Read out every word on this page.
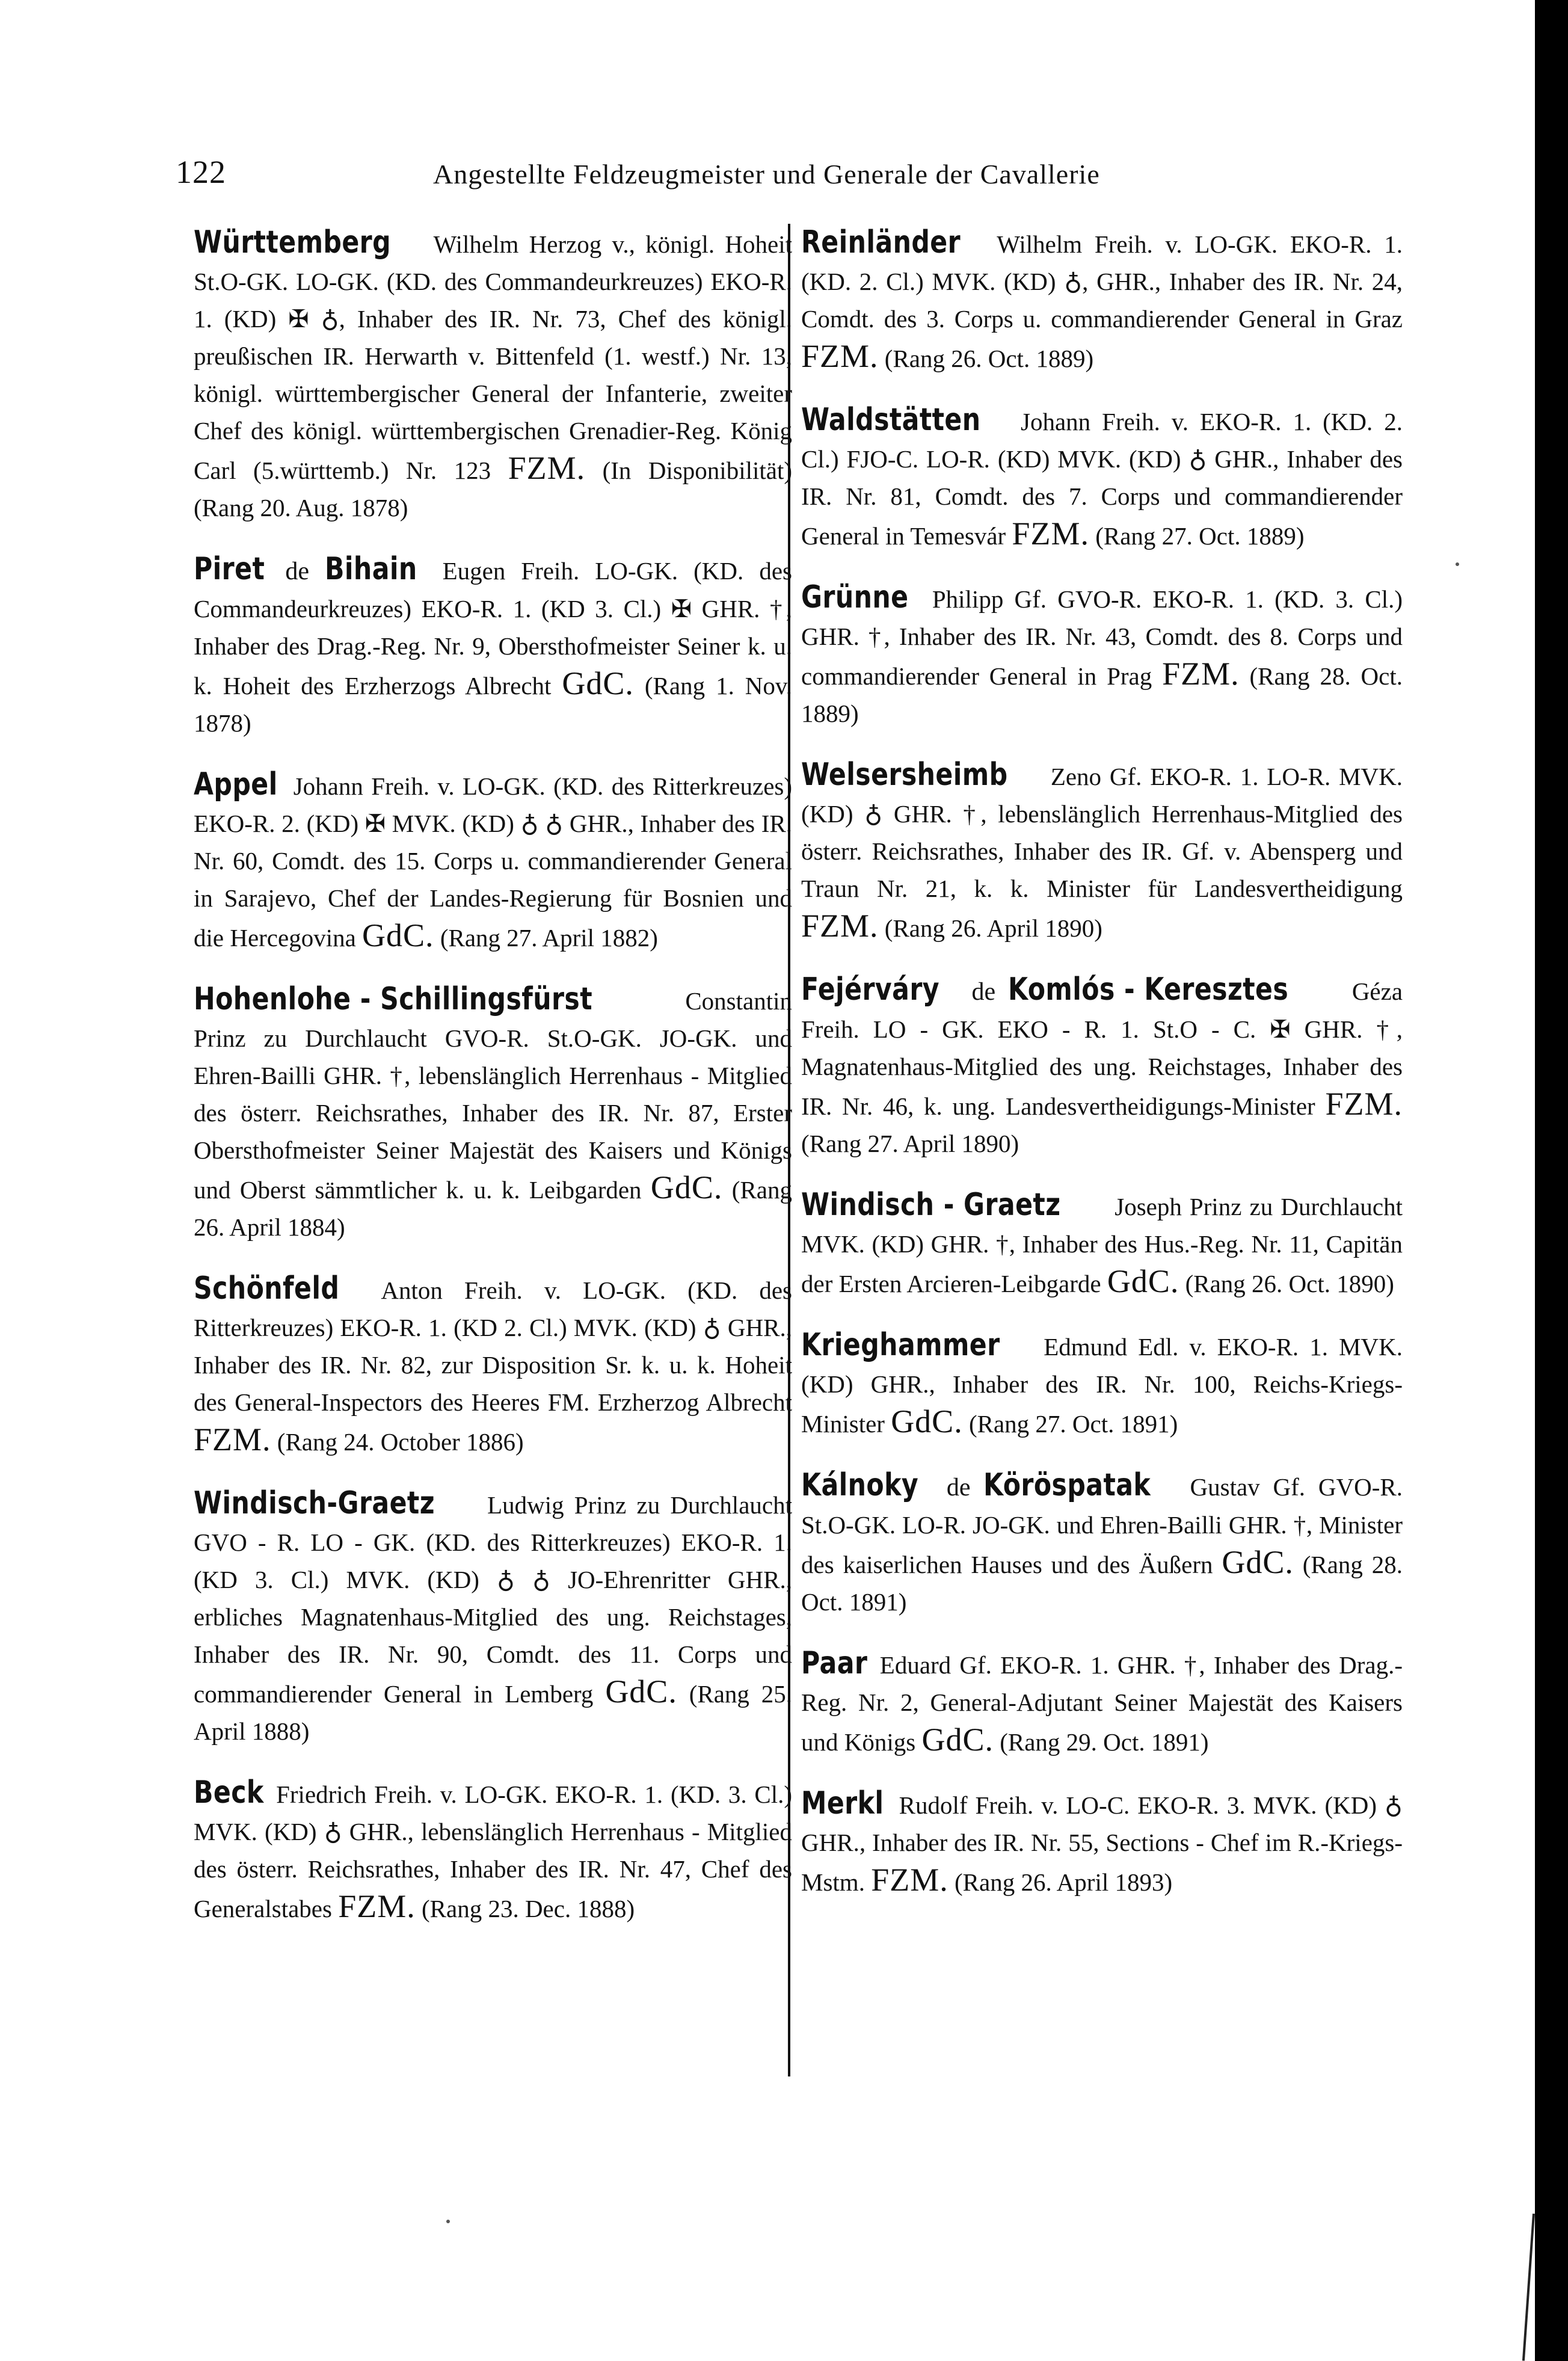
122	Angestellte Feldzeugmeister und Generale der Cavallerie

Württemberg Wilhelm Herzog v., königl. Hoheit St.O-GK. LO-GK. (KD. des Commandeurkreuzes) EKO-R. 1. (KD) ✠ ♁, Inhaber des IR. Nr. 73, Chef des königl. preußischen IR. Herwarth v. Bittenfeld (1. westf.) Nr. 13, königl. württembergischer General der Infanterie, zweiter Chef des königl. württembergischen Grenadier-Reg. König Carl (5.württemb.) Nr. 123 FZM. (In Disponibilität) (Rang 20. Aug. 1878)

Piret de Bihain Eugen Freih. LO-GK. (KD. des Commandeurkreuzes) EKO-R. 1. (KD 3. Cl.) ✠ GHR. †, Inhaber des Drag.-Reg. Nr. 9, Obersthofmeister Seiner k. u. k. Hoheit des Erzherzogs Albrecht GdC. (Rang 1. Nov. 1878)

Appel Johann Freih. v. LO-GK. (KD. des Ritterkreuzes) EKO-R. 2. (KD) ✠ MVK. (KD) ♁ ♁ GHR., Inhaber des IR. Nr. 60, Comdt. des 15. Corps u. commandierender General in Sarajevo, Chef der Landes-Regierung für Bosnien und die Hercegovina GdC. (Rang 27. April 1882)

Hohenlohe - Schillingsfürst	Constantin Prinz zu Durchlaucht GVO-R. St.O-GK. JO-GK. und Ehren-Bailli GHR. †, lebenslänglich Herrenhaus - Mitglied des österr. Reichsrathes, Inhaber des IR. Nr. 87, Erster Obersthofmeister Seiner Majestät des Kaisers und Königs und Oberst sämmtlicher k. u. k. Leibgarden GdC. (Rang 26. April 1884)

Schönfeld Anton Freih. v. LO-GK. (KD. des Ritterkreuzes) EKO-R. 1. (KD 2. Cl.) MVK. (KD) ♁ GHR., Inhaber des IR. Nr. 82, zur Disposition Sr. k. u. k. Hoheit des General-Inspectors des Heeres FM. Erzherzog Albrecht FZM. (Rang 24. October 1886)

Windisch-Graetz Ludwig Prinz zu Durchlaucht GVO - R. LO - GK. (KD. des Ritterkreuzes) EKO-R. 1. (KD 3. Cl.) MVK. (KD) ♁ ♁ JO-Ehrenritter GHR., erbliches Magnatenhaus-Mitglied des ung. Reichstages, Inhaber des IR. Nr. 90, Comdt. des 11. Corps und commandierender General in Lemberg GdC. (Rang 25. April 1888)

Beck Friedrich Freih. v. LO-GK. EKO-R. 1. (KD. 3. Cl.) MVK. (KD) ♁ GHR., lebenslänglich Herrenhaus - Mitglied des österr. Reichsrathes, Inhaber des IR. Nr. 47, Chef des Generalstabes FZM. (Rang 23. Dec. 1888)

Reinländer Wilhelm Freih. v. LO-GK. EKO-R. 1. (KD. 2. Cl.) MVK. (KD) ♁, GHR., Inhaber des IR. Nr. 24, Comdt. des 3. Corps u. commandierender General in Graz FZM. (Rang 26. Oct. 1889)

Waldstätten Johann Freih. v. EKO-R. 1. (KD. 2. Cl.) FJO-C. LO-R. (KD) MVK. (KD) ♁ GHR., Inhaber des IR. Nr. 81, Comdt. des 7. Corps und commandierender General in Temesvár FZM. (Rang 27. Oct. 1889)

Grünne Philipp Gf. GVO-R. EKO-R. 1. (KD. 3. Cl.) GHR. †, Inhaber des IR. Nr. 43, Comdt. des 8. Corps und commandierender General in Prag FZM. (Rang 28. Oct. 1889)

Welsersheimb Zeno Gf. EKO-R. 1. LO-R. MVK. (KD) ♁ GHR. †, lebenslänglich Herrenhaus-Mitglied des österr. Reichsrathes, Inhaber des IR. Gf. v. Abensperg und Traun Nr. 21, k. k. Minister für Landesvertheidigung FZM. (Rang 26. April 1890)

Fejérváry de Komlós - Keresztes	Géza Freih. LO - GK. EKO - R. 1. St.O - C. ✠ GHR. †, Magnatenhaus-Mitglied des ung. Reichstages, Inhaber des IR. Nr. 46, k. ung. Landesvertheidigungs-Minister FZM. (Rang 27. April 1890)

Windisch - Graetz Joseph Prinz zu Durchlaucht MVK. (KD) GHR. †, Inhaber des Hus.-Reg. Nr. 11, Capitän der Ersten Arcieren-Leibgarde GdC. (Rang 26. Oct. 1890)

Krieghammer Edmund Edl. v. EKO-R. 1. MVK. (KD) GHR., Inhaber des IR. Nr. 100, Reichs-Kriegs-Minister GdC. (Rang 27. Oct. 1891)

Kálnoky de Köröspatak Gustav Gf. GVO-R. St.O-GK. LO-R. JO-GK. und Ehren-Bailli GHR. †, Minister des kaiserlichen Hauses und des Äußern GdC. (Rang 28. Oct. 1891)

Paar Eduard Gf. EKO-R. 1. GHR. †, Inhaber des Drag.-Reg. Nr. 2, General-Adjutant Seiner Majestät des Kaisers und Königs GdC. (Rang 29. Oct. 1891)

Merkl Rudolf Freih. v. LO-C. EKO-R. 3. MVK. (KD) ♁ GHR., Inhaber des IR. Nr. 55, Sections - Chef im R.-Kriegs-Mstm. FZM. (Rang 26. April 1893)
